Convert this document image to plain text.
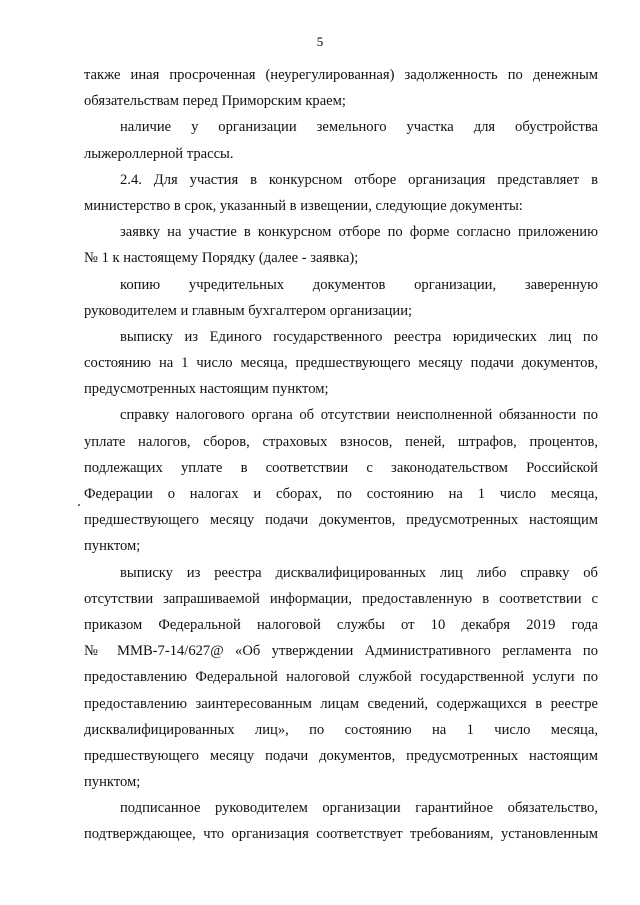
5
также иная просроченная (неурегулированная) задолженность по денежным
обязательствам перед Приморским краем;
наличие у организации земельного участка для обустройства
лыжероллерной трассы.
2.4. Для участия в конкурсном отборе организация представляет в
министерство в срок, указанный в извещении, следующие документы:
заявку на участие в конкурсном отборе по форме согласно приложению
№ 1 к настоящему Порядку (далее - заявка);
копию учредительных документов организации, заверенную
руководителем и главным бухгалтером организации;
выписку из Единого государственного реестра юридических лиц по
состоянию на 1 число месяца, предшествующего месяцу подачи документов,
предусмотренных настоящим пунктом;
справку налогового органа об отсутствии неисполненной обязанности по
уплате налогов, сборов, страховых взносов, пеней, штрафов, процентов,
подлежащих уплате в соответствии с законодательством Российской
Федерации о налогах и сборах, по состоянию на 1 число месяца,
предшествующего месяцу подачи документов, предусмотренных настоящим
пунктом;
выписку из реестра дисквалифицированных лиц либо справку об
отсутствии запрашиваемой информации, предоставленную в соответствии с
приказом Федеральной налоговой службы от 10 декабря 2019 года
№ ММВ-7-14/627@ «Об утверждении Административного регламента по
предоставлению Федеральной налоговой службой государственной услуги по
предоставлению заинтересованным лицам сведений, содержащихся в реестре
дисквалифицированных лиц», по состоянию на 1 число месяца,
предшествующего месяцу подачи документов, предусмотренных настоящим
пунктом;
подписанное руководителем организации гарантийное обязательство,
подтверждающее, что организация соответствует требованиям, установленным
